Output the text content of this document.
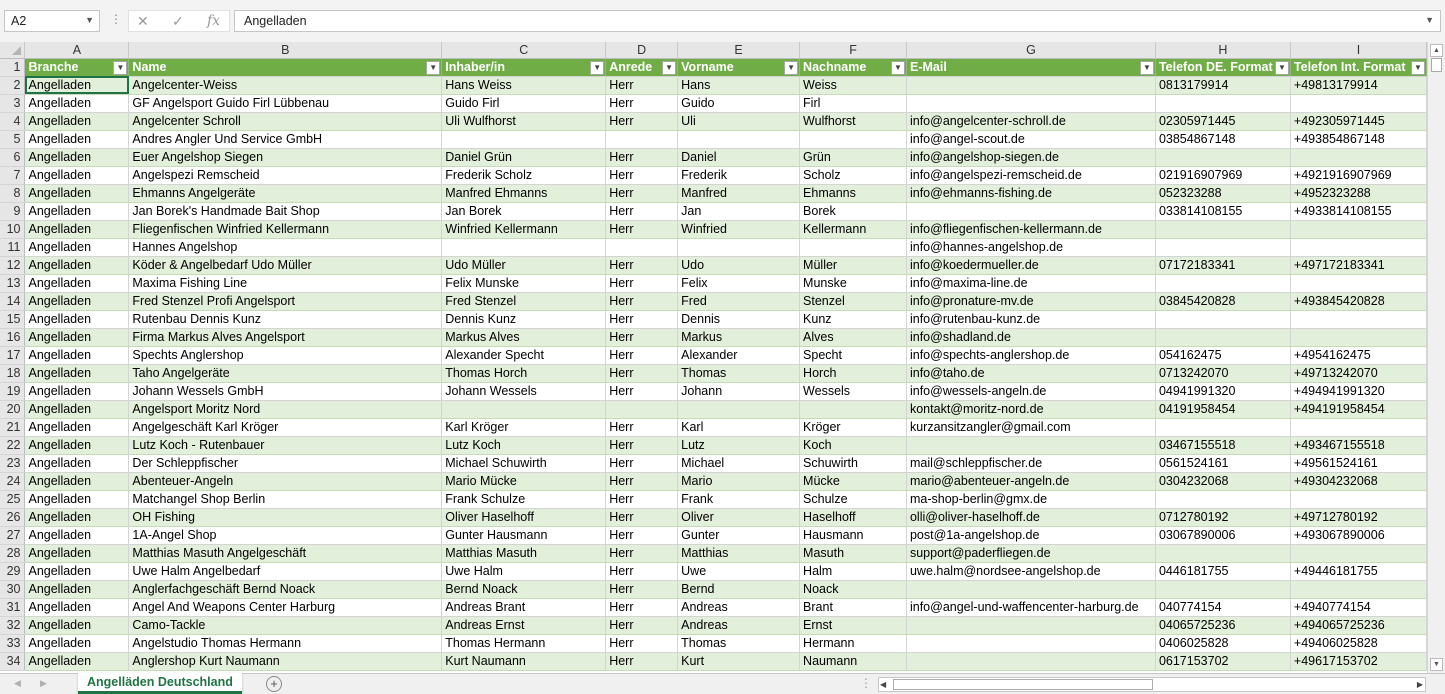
A2	▼ ⋮ ✕ ✓ fx	Angelladen	▼
	A	B	C	D	E	F	G	H	I
1	Branche ▼	Name ▼	Inhaber/in ▼	Anrede ▼	Vorname ▼	Nachname ▼	E-Mail ▼	Telefon DE. Format ▼	Telefon Int. Format ▼

2	Angelladen	Angelcenter-Weiss	Hans Weiss	Herr	Hans	Weiss		0813179914	+49813179914
3	Angelladen	GF Angelsport Guido Firl Lübbenau	Guido Firl	Herr	Guido	Firl			
4	Angelladen	Angelcenter Schroll	Uli Wulfhorst	Herr	Uli	Wulfhorst	info@angelcenter-schroll.de	02305971445	+492305971445
5	Angelladen	Andres Angler Und Service GmbH					info@angel-scout.de	03854867148	+493854867148
6	Angelladen	Euer Angelshop Siegen	Daniel Grün	Herr	Daniel	Grün	info@angelshop-siegen.de		
7	Angelladen	Angelspezi Remscheid	Frederik Scholz	Herr	Frederik	Scholz	info@angelspezi-remscheid.de	021916907969	+4921916907969
8	Angelladen	Ehmanns Angelgeräte	Manfred Ehmanns	Herr	Manfred	Ehmanns	info@ehmanns-fishing.de	052323288	+4952323288
9	Angelladen	Jan Borek's Handmade Bait Shop	Jan Borek	Herr	Jan	Borek		033814108155	+4933814108155
10	Angelladen	Fliegenfischen Winfried Kellermann	Winfried Kellermann	Herr	Winfried	Kellermann	info@fliegenfischen-kellermann.de		
11	Angelladen	Hannes Angelshop					info@hannes-angelshop.de		
12	Angelladen	Köder & Angelbedarf Udo Müller	Udo Müller	Herr	Udo	Müller	info@koedermueller.de	07172183341	+497172183341
13	Angelladen	Maxima Fishing Line	Felix Munske	Herr	Felix	Munske	info@maxima-line.de		
14	Angelladen	Fred Stenzel Profi Angelsport	Fred Stenzel	Herr	Fred	Stenzel	info@pronature-mv.de	03845420828	+493845420828
15	Angelladen	Rutenbau Dennis Kunz	Dennis Kunz	Herr	Dennis	Kunz	info@rutenbau-kunz.de		
16	Angelladen	Firma Markus Alves Angelsport	Markus Alves	Herr	Markus	Alves	info@shadland.de		
17	Angelladen	Spechts Anglershop	Alexander Specht	Herr	Alexander	Specht	info@spechts-anglershop.de	054162475	+4954162475
18	Angelladen	Taho Angelgeräte	Thomas Horch	Herr	Thomas	Horch	info@taho.de	0713242070	+49713242070
19	Angelladen	Johann Wessels GmbH	Johann Wessels	Herr	Johann	Wessels	info@wessels-angeln.de	04941991320	+494941991320
20	Angelladen	Angelsport Moritz Nord					kontakt@moritz-nord.de	04191958454	+494191958454
21	Angelladen	Angelgeschäft Karl Kröger	Karl Kröger	Herr	Karl	Kröger	kurzansitzangler@gmail.com		
22	Angelladen	Lutz Koch - Rutenbauer	Lutz Koch	Herr	Lutz	Koch		03467155518	+493467155518
23	Angelladen	Der Schleppfischer	Michael Schuwirth	Herr	Michael	Schuwirth	mail@schleppfischer.de	0561524161	+49561524161
24	Angelladen	Abenteuer-Angeln	Mario Mücke	Herr	Mario	Mücke	mario@abenteuer-angeln.de	0304232068	+49304232068
25	Angelladen	Matchangel Shop Berlin	Frank Schulze	Herr	Frank	Schulze	ma-shop-berlin@gmx.de		
26	Angelladen	OH Fishing	Oliver Haselhoff	Herr	Oliver	Haselhoff	olli@oliver-haselhoff.de	0712780192	+49712780192
27	Angelladen	1A-Angel Shop	Gunter Hausmann	Herr	Gunter	Hausmann	post@1a-angelshop.de	03067890006	+493067890006
28	Angelladen	Matthias Masuth Angelgeschäft	Matthias Masuth	Herr	Matthias	Masuth	support@paderfliegen.de		
29	Angelladen	Uwe Halm Angelbedarf	Uwe Halm	Herr	Uwe	Halm	uwe.halm@nordsee-angelshop.de	0446181755	+49446181755
30	Angelladen	Anglerfachgeschäft Bernd Noack	Bernd Noack	Herr	Bernd	Noack			
31	Angelladen	Angel And Weapons Center Harburg	Andreas Brant	Herr	Andreas	Brant	info@angel-und-waffencenter-harburg.de	040774154	+4940774154
32	Angelladen	Camo-Tackle	Andreas Ernst	Herr	Andreas	Ernst		04065725236	+494065725236
33	Angelladen	Angelstudio Thomas Hermann	Thomas Hermann	Herr	Thomas	Hermann		0406025828	+49406025828
34	Angelladen	Anglershop Kurt Naumann	Kurt Naumann	Herr	Kurt	Naumann		0617153702	+49617153702
▲
▼
◀ ▶	Angelläden Deutschland	+	⋮ ◀	▶
